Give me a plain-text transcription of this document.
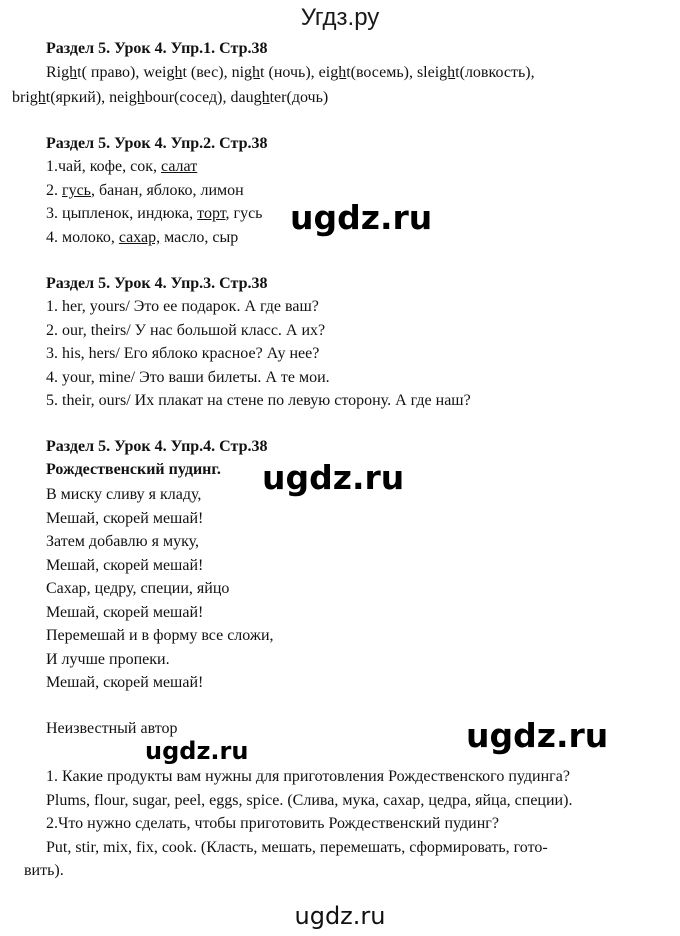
Угдз.ру
Раздел 5. Урок 4. Упр.1. Стр.38
Right( право), weight (вес), night (ночь), eight(восемь), sleight(ловкость),
bright(яркий), neighbour(сосед), daughter(дочь)
Раздел 5. Урок 4. Упр.2. Стр.38
1.чай, кофе, сок, салат
2. гусь, банан, яблоко, лимон
3. цыпленок, индюка, торт, гусь
4. молоко, сахар, масло, сыр
ugdz.ru
Раздел 5. Урок 4. Упр.3. Стр.38
1. her, yours/ Это ее подарок. А где ваш?
2. our, theirs/ У нас большой класс. А их?
3. his, hers/ Его яблоко красное? Ау нее?
4. your, mine/ Это ваши билеты. А те мои.
5. their, ours/ Их плакат на стене по левую сторону. А где наш?
Раздел 5. Урок 4. Упр.4. Стр.38
Рождественский пудинг. ugdz.ru
В миску сливу я кладу,
Мешай, скорей мешай!
Затем добавлю я муку,
Мешай, скорей мешай!
Сахар, цедру, специи, яйцо
Мешай, скорей мешай!
Перемешай и в форму все сложи,
И лучше пропеки.
Мешай, скорей мешай!
Неизвестный автор	ugdz.ru
ugdz.ru
1. Какие продукты вам нужны для приготовления Рождественского пудинга?
Plums, flour, sugar, peel, eggs, spice. (Слива, мука, сахар, цедра, яйца, специи).
2.Что нужно сделать, чтобы приготовить Рождественский пудинг?
Put, stir, mix, fix, cook. (Класть, мешать, перемешать, сформировать, гото-
вить).
ugdz.ru
